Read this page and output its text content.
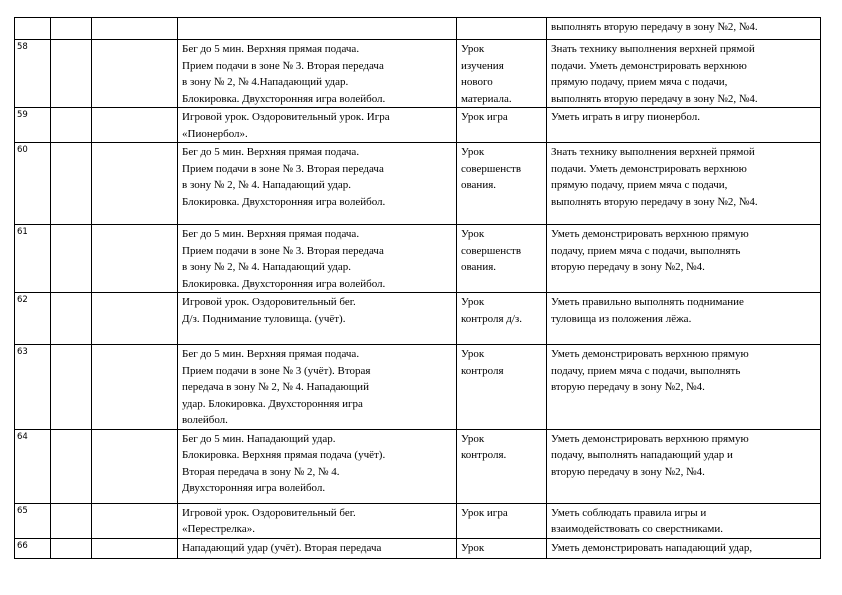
					выполнять вторую передачу в зону №2, №4.

58			Бег до 5 мин. Верхняя прямая подача.
Прием подачи в зоне № 3. Вторая передача
в зону № 2, № 4.Нападающий удар.
Блокировка. Двухсторонняя игра волейбол.	Урок
изучения
нового
материала.	Знать технику выполнения верхней прямой
подачи. Уметь демонстрировать верхнюю
прямую подачу, прием мяча с подачи,
выполнять вторую передачу в зону №2, №4.

59			Игровой урок. Оздоровительный урок. Игра
«Пионербол».	Урок игра	Уметь играть в игру пионербол.

60			Бег до 5 мин. Верхняя прямая подача.
Прием подачи в зоне № 3. Вторая передача
в зону № 2, № 4. Нападающий удар.
Блокировка. Двухсторонняя игра волейбол.	Урок
совершенств
ования.	Знать технику выполнения верхней прямой
подачи. Уметь демонстрировать верхнюю
прямую подачу, прием мяча с подачи,
выполнять вторую передачу в зону №2, №4.

61			Бег до 5 мин. Верхняя прямая подача.
Прием подачи в зоне № 3. Вторая передача
в зону № 2, № 4. Нападающий удар.
Блокировка. Двухсторонняя игра волейбол.	Урок
совершенств
ования.	Уметь демонстрировать верхнюю прямую
подачу, прием мяча с подачи, выполнять
вторую передачу в зону №2, №4.

62			Игровой урок. Оздоровительный бег.
Д/з. Поднимание туловища. (учёт).	Урок
контроля д/з.	Уметь правильно выполнять поднимание
туловища из положения лёжа.

63			Бег до 5 мин. Верхняя прямая подача.
Прием подачи в зоне № 3 (учёт). Вторая
передача в зону № 2, № 4. Нападающий
удар. Блокировка. Двухсторонняя игра
волейбол.	Урок
контроля	Уметь демонстрировать верхнюю прямую
подачу, прием мяча с подачи, выполнять
вторую передачу в зону №2, №4.

64			Бег до 5 мин. Нападающий удар.
Блокировка. Верхняя прямая подача (учёт).
Вторая передача в зону № 2, № 4.
Двухсторонняя игра волейбол.	Урок
контроля.	Уметь демонстрировать верхнюю прямую
подачу, выполнять нападающий удар и
вторую передачу в зону №2, №4.

65			Игровой урок. Оздоровительный бег.
«Перестрелка».	Урок игра	Уметь соблюдать правила игры и
взаимодействовать со сверстниками.

66			Нападающий удар (учёт). Вторая передача	Урок	Уметь демонстрировать нападающий удар,
